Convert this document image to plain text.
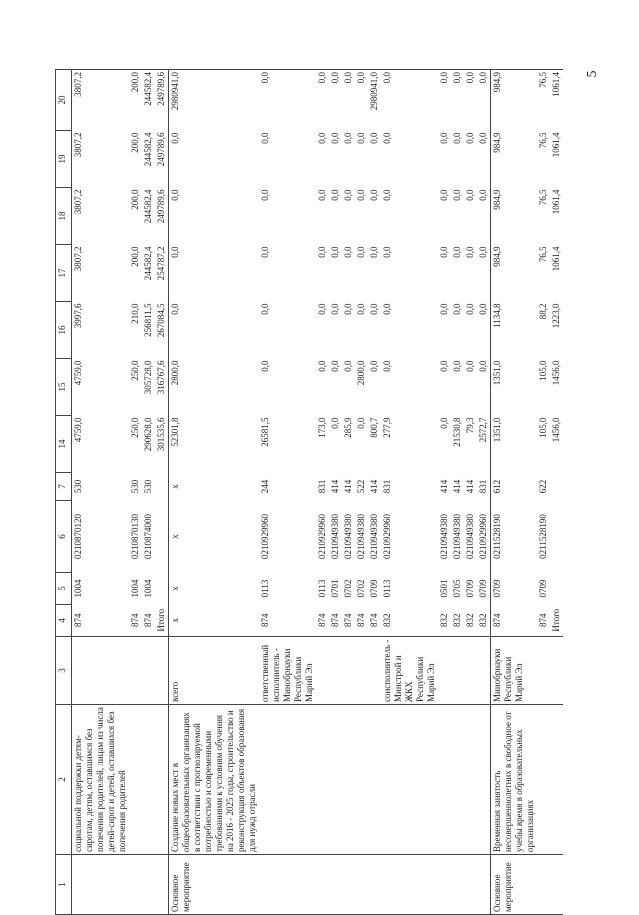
5
1	2	3	4	5	6	7	14	15	16	17	18	19	20
	социальной поддержки детям-сиротам, детям, оставшимся без попечения родителей, лицам из числа детей-сирот и детей, оставшихся без попечения родителей		874	1004	0210870120	530	4759,0	4759,0	3997,6	3807,2	3807,2	3807,2	3807,2
			874	1004	0210870130	530	250,0	250,0	210,0	200,0	200,0	200,0	200,0
			874	1004	0210874000	530	290628,0	305728,0	256811,5	244582,4	244582,4	244582,4	244582,4
			Итого				301535,6	316767,6	267084,5	254787,2	249789,6	249789,6	249789,6
Основное мероприятие	Создание новых мест в общеобразовательных организациях в соответствии с прогнозируемой потребностью и современными требованиями к условиям обучения на 2016 - 2025 годы, строительство и реконструкция объектов образования для нужд отрасли	всего	х	х	х	х	52301,8	2800,0	0,0	0,0	0,0	0,0	2980941,0
		ответственный исполнитель - Минобрнауки Республики Марий Эл	874	0113	0210929960	244	26581,5	0,0	0,0	0,0	0,0	0,0	0,0
			874	0113	0210929960	831	173,0	0,0	0,0	0,0	0,0	0,0	0,0
			874	0701	0210949380	414	0,0	0,0	0,0	0,0	0,0	0,0	0,0
			874	0702	0210949380	414	285,9	0,0	0,0	0,0	0,0	0,0	0,0
			874	0702	0210949380	522	0,0	2800,0	0,0	0,0	0,0	0,0	0,0
			874	0709	0210949380	414	800,7	0,0	0,0	0,0	0,0	0,0	2980941,0
		соисполнитель - Минстрой и ЖКХ Республики Марий Эл	832	0113	0210929960	831	277,9	0,0	0,0	0,0	0,0	0,0	0,0
			832	0501	0210949380	414	0,0	0,0	0,0	0,0	0,0	0,0	0,0
			832	0705	0210949380	414	21530,8	0,0	0,0	0,0	0,0	0,0	0,0
			832	0709	0210949380	414	79,3	0,0	0,0	0,0	0,0	0,0	0,0
			832	0709	0210929960	831	2572,7	0,0	0,0	0,0	0,0	0,0	0,0
Основное мероприятие	Временная занятость несовершеннолетних в свободное от учебы время в образовательных организациях	Минобрнауки Республики Марий Эл	874	0709	0211528190	612	1351,0	1351,0	1134,8	984,9	984,9	984,9	984,9
			874	0709	0211528190	622	105,0	105,0	88,2	76,5	76,5	76,5	76,5
			Итого				1456,0	1456,0	1223,0	1061,4	1061,4	1061,4	1061,4
